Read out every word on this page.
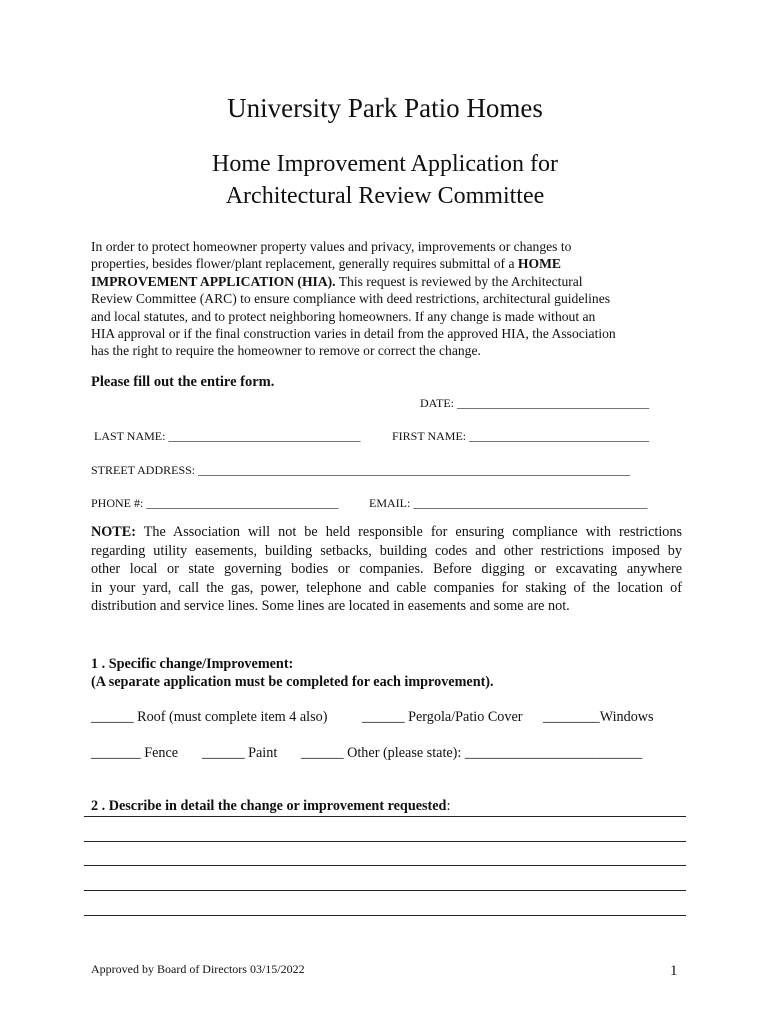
University Park Patio Homes
Home Improvement Application for
Architectural Review Committee

In order to protect homeowner property values and privacy, improvements or changes to

properties, besides flower/plant replacement, generally requires submittal of a HOME

IMPROVEMENT APPLICATION (HIA). This request is reviewed by the Architectural

Review Committee (ARC) to ensure compliance with deed restrictions, architectural guidelines

and local statutes, and to protect neighboring homeowners. If any change is made without an

HIA approval or if the final construction varies in detail from the approved HIA, the Association

has the right to require the homeowner to remove or correct the change.

Please fill out the entire form.
DATE: ________________________________
LAST NAME: ________________________________	FIRST NAME: ______________________________
STREET ADDRESS: ________________________________________________________________________
PHONE #: ________________________________	EMAIL: _______________________________________

NOTE: The Association will not be held responsible for ensuring compliance with restrictions

regarding utility easements, building setbacks, building codes and other restrictions imposed by

other local or state governing bodies or companies. Before digging or excavating anywhere

in your yard, call the gas, power, telephone and cable companies for staking of the location of

distribution and service lines. Some lines are located in easements and some are not.

1 . Specific change/Improvement:
(A separate application must be completed for each improvement).
______ Roof (must complete item 4 also) ______ Pergola/Patio Cover ________Windows
_______ Fence ______ Paint ______ Other (please state): _________________________
2 . Describe in detail the change or improvement requested:
Approved by Board of Directors 03/15/2022	1
